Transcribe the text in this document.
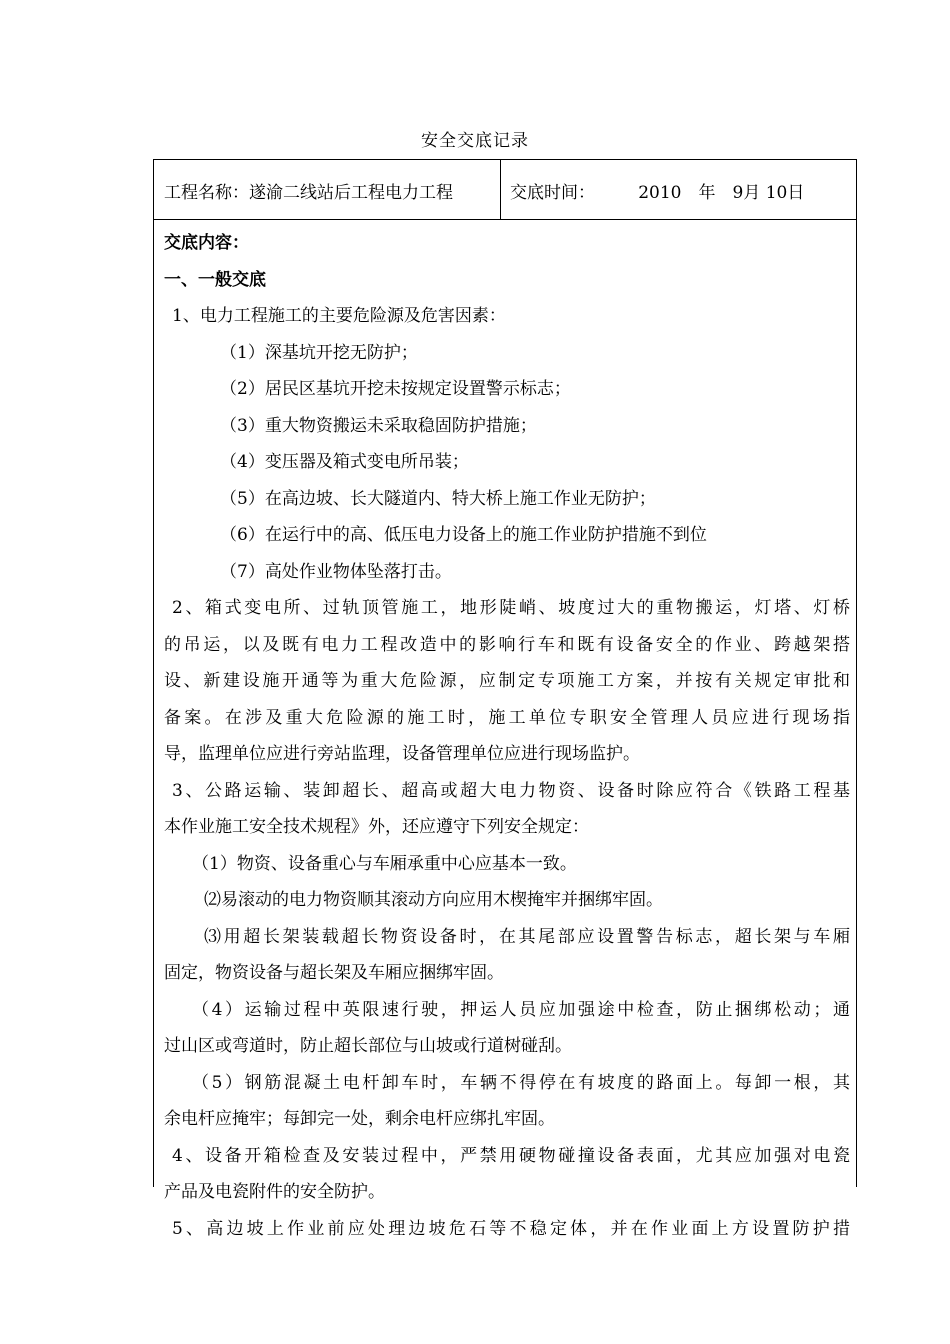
安全交底记录
工程名称：遂渝二线站后工程电力工程	交底时间：	2010　年　9月 10日
交底内容：
一、一般交底
1、电力工程施工的主要危险源及危害因素：
（1）深基坑开挖无防护；
（2）居民区基坑开挖未按规定设置警示标志；
（3）重大物资搬运未采取稳固防护措施；
（4）变压器及箱式变电所吊装；
（5）在高边坡、长大隧道内、特大桥上施工作业无防护；
（6）在运行中的高、低压电力设备上的施工作业防护措施不到位
（7）高处作业物体坠落打击。
2、箱式变电所、过轨顶管施工，地形陡峭、坡度过大的重物搬运，灯塔、灯桥
的吊运，以及既有电力工程改造中的影响行车和既有设备安全的作业、跨越架搭
设、新建设施开通等为重大危险源，应制定专项施工方案，并按有关规定审批和
备案。在涉及重大危险源的施工时，施工单位专职安全管理人员应进行现场指
导，监理单位应进行旁站监理，设备管理单位应进行现场监护。
3、公路运输、装卸超长、超高或超大电力物资、设备时除应符合《铁路工程基
本作业施工安全技术规程》外，还应遵守下列安全规定：
（1）物资、设备重心与车厢承重中心应基本一致。
⑵易滚动的电力物资顺其滚动方向应用木楔掩牢并捆绑牢固。
⑶用超长架装载超长物资设备时，在其尾部应设置警告标志，超长架与车厢
固定，物资设备与超长架及车厢应捆绑牢固。
（4）运输过程中英限速行驶，押运人员应加强途中检查，防止捆绑松动；通
过山区或弯道时，防止超长部位与山坡或行道树碰刮。
（5）钢筋混凝土电杆卸车时，车辆不得停在有坡度的路面上。每卸一根，其
余电杆应掩牢；每卸完一处，剩余电杆应绑扎牢固。
4、设备开箱检查及安装过程中，严禁用硬物碰撞设备表面，尤其应加强对电瓷
产品及电瓷附件的安全防护。
5、高边坡上作业前应处理边坡危石等不稳定体，并在作业面上方设置防护措
